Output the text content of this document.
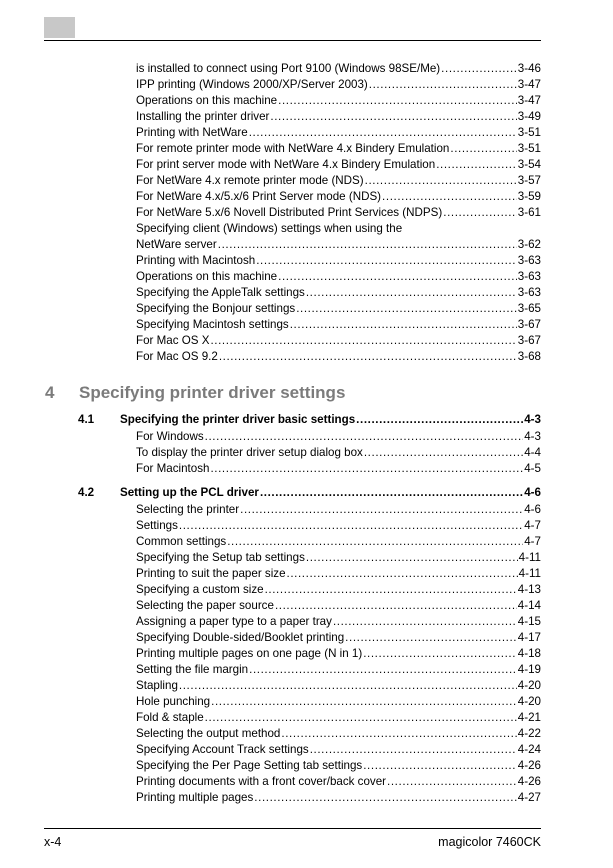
is installed to connect using Port 9100 (Windows 98SE/Me) .....	3-46
IPP printing (Windows 2000/XP/Server 2003) .....	3-47
Operations on this machine .....	3-47
Installing the printer driver .....	3-49
Printing with NetWare .....	3-51
For remote printer mode with NetWare 4.x Bindery Emulation .....	3-51
For print server mode with NetWare 4.x Bindery Emulation .....	3-54
For NetWare 4.x remote printer mode (NDS) .....	3-57
For NetWare 4.x/5.x/6 Print Server mode (NDS) .....	3-59
For NetWare 5.x/6 Novell Distributed Print Services (NDPS) .....	3-61
Specifying client (Windows) settings when using the
NetWare server .....	3-62
Printing with Macintosh .....	3-63
Operations on this machine .....	3-63
Specifying the AppleTalk settings .....	3-63
Specifying the Bonjour settings .....	3-65
Specifying Macintosh settings .....	3-67
For Mac OS X .....	3-67
For Mac OS 9.2 .....	3-68
4 Specifying printer driver settings
4.1 Specifying the printer driver basic settings .....	4-3
For Windows .....	4-3
To display the printer driver setup dialog box .....	4-4
For Macintosh .....	4-5
4.2 Setting up the PCL driver .....	4-6
Selecting the printer .....	4-6
Settings .....	4-7
Common settings .....	4-7
Specifying the Setup tab settings .....	4-11
Printing to suit the paper size .....	4-11
Specifying a custom size .....	4-13
Selecting the paper source .....	4-14
Assigning a paper type to a paper tray .....	4-15
Specifying Double-sided/Booklet printing .....	4-17
Printing multiple pages on one page (N in 1) .....	4-18
Setting the file margin .....	4-19
Stapling .....	4-20
Hole punching .....	4-20
Fold & staple .....	4-21
Selecting the output method .....	4-22
Specifying Account Track settings .....	4-24
Specifying the Per Page Setting tab settings .....	4-26
Printing documents with a front cover/back cover .....	4-26
Printing multiple pages .....	4-27
x-4	magicolor 7460CK
